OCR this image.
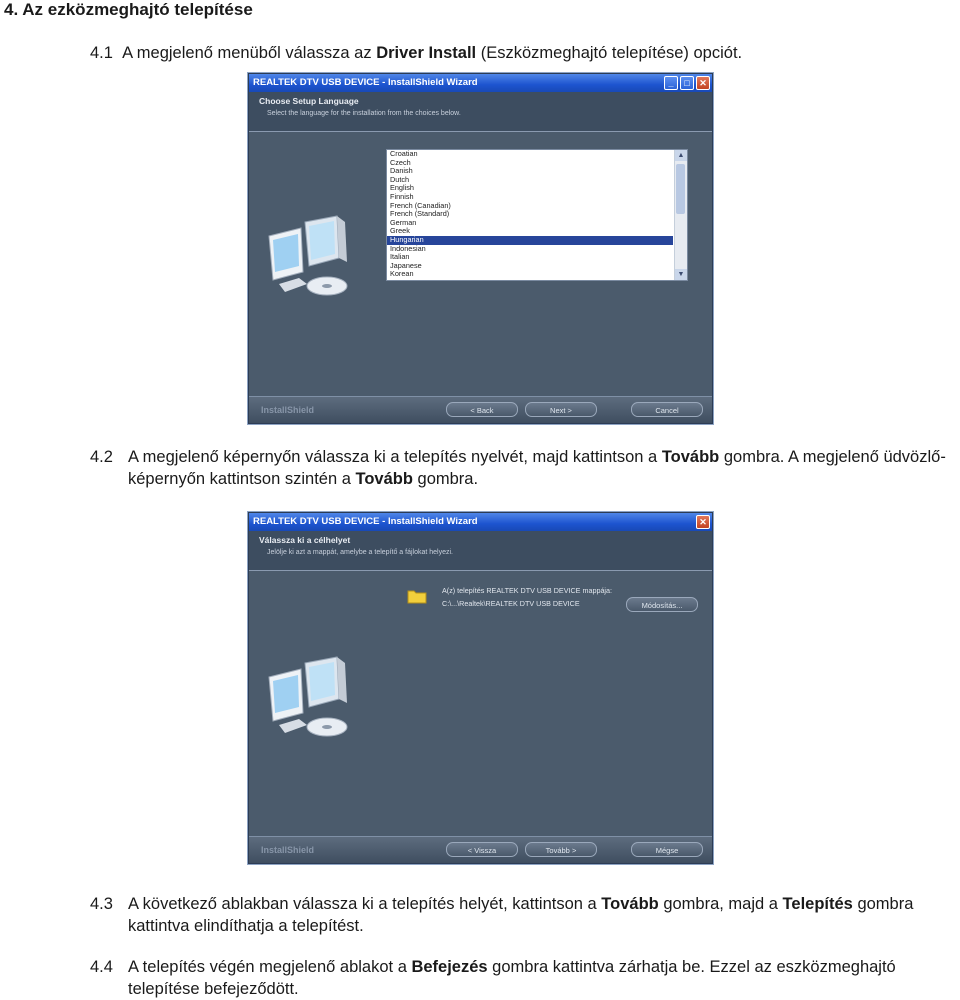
4. Az ezközmeghajtó telepítése

4.1 A megjelenő menüből válassza az Driver Install (Eszközmeghajtó telepítése) opciót.

REALTEK DTV USB DEVICE - InstallShield Wizard	_	□	✕
Choose Setup Language
Select the language for the installation from the choices below.
Croatian
Czech
Danish
Dutch
English
Finnish
French (Canadian)
French (Standard)
German
Greek
Hungarian
Indonesian
Italian
Japanese
Korean
▲
▼
InstallShield	< Back	Next >	Cancel

4.2 A megjelenő képernyőn válassza ki a telepítés nyelvét, majd kattintson a Tovább gombra. A megjelenő üdvözlő-képernyőn kattintson szintén a Tovább gombra.

REALTEK DTV USB DEVICE - InstallShield Wizard	✕
Válassza ki a célhelyet
Jelölje ki azt a mappát, amelybe a telepítő a fájlokat helyezi.
A(z) telepítés REALTEK DTV USB DEVICE mappája:
C:\...\Realtek\REALTEK DTV USB DEVICE	Módosítás...
InstallShield	< Vissza	Tovább >	Mégse

4.3 A következő ablakban válassza ki a telepítés helyét, kattintson a Tovább gombra, majd a Telepítés gombra kattintva elindíthatja a telepítést.

4.4 A telepítés végén megjelenő ablakot a Befejezés gombra kattintva zárhatja be. Ezzel az eszközmeghajtó telepítése befejeződött.
